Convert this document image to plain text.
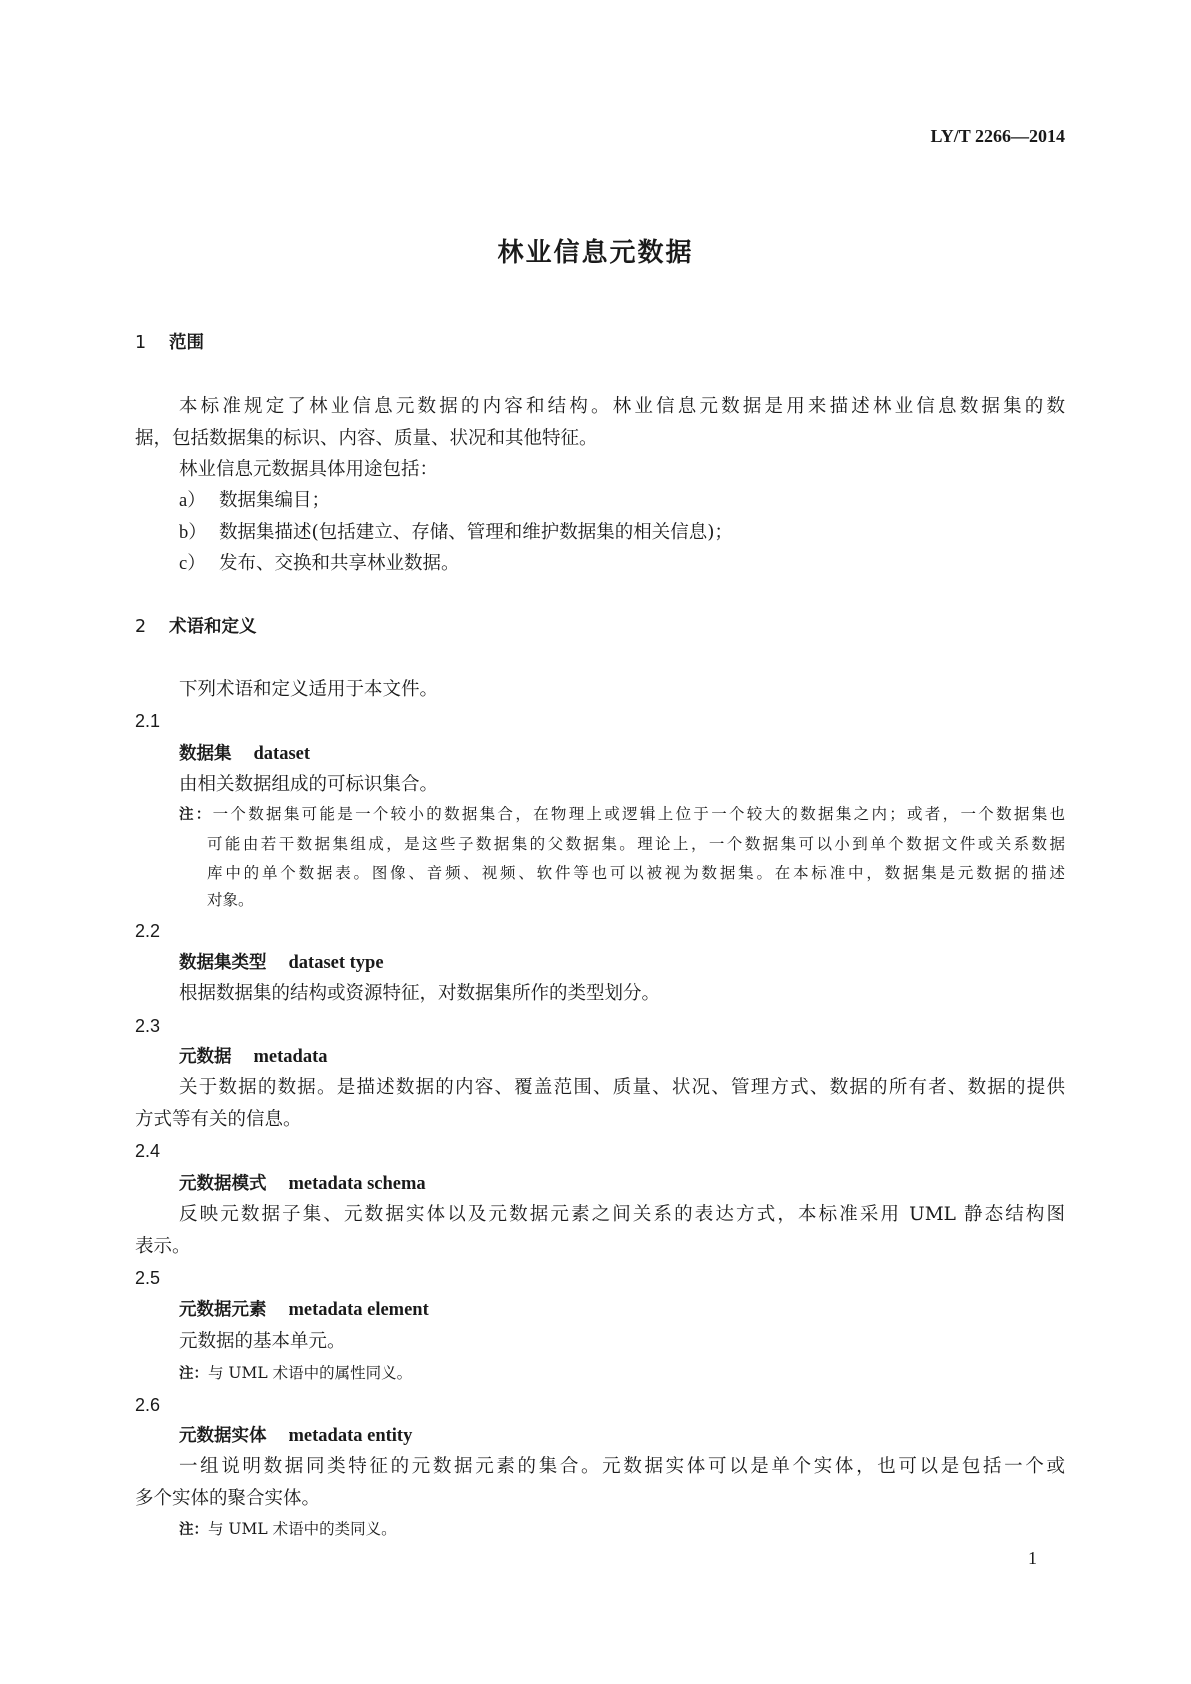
LY/T 2266—2014
林业信息元数据
1 范围
本标准规定了林业信息元数据的内容和结构。林业信息元数据是用来描述林业信息数据集的数
据，包括数据集的标识、内容、质量、状况和其他特征。
林业信息元数据具体用途包括：
a） 数据集编目；
b） 数据集描述(包括建立、存储、管理和维护数据集的相关信息)；
c） 发布、交换和共享林业数据。
2 术语和定义
下列术语和定义适用于本文件。
2.1
数据集 dataset
由相关数据组成的可标识集合。
注：一个数据集可能是一个较小的数据集合，在物理上或逻辑上位于一个较大的数据集之内；或者，一个数据集也
可能由若干数据集组成，是这些子数据集的父数据集。理论上，一个数据集可以小到单个数据文件或关系数据
库中的单个数据表。图像、音频、视频、软件等也可以被视为数据集。在本标准中，数据集是元数据的描述
对象。
2.2
数据集类型 dataset type
根据数据集的结构或资源特征，对数据集所作的类型划分。
2.3
元数据 metadata
关于数据的数据。是描述数据的内容、覆盖范围、质量、状况、管理方式、数据的所有者、数据的提供
方式等有关的信息。
2.4
元数据模式 metadata schema
反映元数据子集、元数据实体以及元数据元素之间关系的表达方式，本标准采用 UML 静态结构图
表示。
2.5
元数据元素 metadata element
元数据的基本单元。
注：与 UML 术语中的属性同义。
2.6
元数据实体 metadata entity
一组说明数据同类特征的元数据元素的集合。元数据实体可以是单个实体，也可以是包括一个或
多个实体的聚合实体。
注：与 UML 术语中的类同义。
1
